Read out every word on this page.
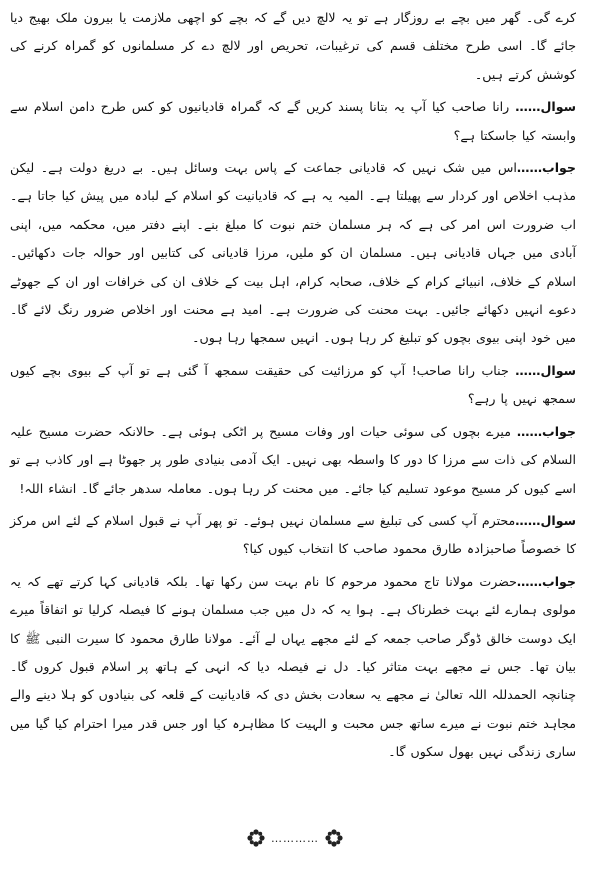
کرے گی۔ گھر میں بچے بے روزگار ہے تو یہ لالچ دیں گے کہ بچے کو اچھی ملازمت یا بیرون ملک بھیج دیا جائے گا۔ اسی طرح مختلف قسم کی ترغیبات، تحریص اور لالچ دے کر مسلمانوں کو گمراہ کرنے کی کوشش کرتے ہیں۔

سوال…… رانا صاحب کیا آپ یہ بتانا پسند کریں گے کہ گمراہ قادیانیوں کو کس طرح دامن اسلام سے وابستہ کیا جاسکتا ہے؟

جواب……اس میں شک نہیں کہ قادیانی جماعت کے پاس بہت وسائل ہیں۔ بے دریغ دولت ہے۔ لیکن مذہب اخلاص اور کردار سے پھیلتا ہے۔ المیہ یہ ہے کہ قادیانیت کو اسلام کے لبادہ میں پیش کیا جاتا ہے۔ اب ضرورت اس امر کی ہے کہ ہر مسلمان ختم نبوت کا مبلغ بنے۔ اپنے دفتر میں، محکمہ میں، اپنی آبادی میں جہاں قادیانی ہیں۔ مسلمان ان کو ملیں، مرزا قادیانی کی کتابیں اور حوالہ جات دکھائیں۔ اسلام کے خلاف، انبیائے کرام کے خلاف، صحابہ کرام، اہل بیت کے خلاف ان کی خرافات اور ان کے جھوٹے دعوے انہیں دکھائے جائیں۔ بہت محنت کی ضرورت ہے۔ امید ہے محنت اور اخلاص ضرور رنگ لائے گا۔ میں خود اپنی بیوی بچوں کو تبلیغ کر رہا ہوں۔ انہیں سمجھا رہا ہوں۔

سوال…… جناب رانا صاحب! آپ کو مرزائیت کی حقیقت سمجھ آ گئی ہے تو آپ کے بیوی بچے کیوں سمجھ نہیں پا رہے؟

جواب…… میرے بچوں کی سوئی حیات اور وفات مسیح پر اٹکی ہوئی ہے۔ حالانکہ حضرت مسیح علیہ السلام کی ذات سے مرزا کا دور کا واسطہ بھی نہیں۔ ایک آدمی بنیادی طور پر جھوٹا ہے اور کاذب ہے تو اسے کیوں کر مسیح موعود تسلیم کیا جائے۔ میں محنت کر رہا ہوں۔ معاملہ سدھر جائے گا۔ انشاء اللہ!

سوال……محترم آپ کسی کی تبلیغ سے مسلمان نہیں ہوئے۔ تو پھر آپ نے قبول اسلام کے لئے اس مرکز کا خصوصاً صاحبزادہ طارق محمود صاحب کا انتخاب کیوں کیا؟

جواب……حضرت مولانا تاج محمود مرحوم کا نام بہت سن رکھا تھا۔ بلکہ قادیانی کہا کرتے تھے کہ یہ مولوی ہمارے لئے بہت خطرناک ہے۔ ہوا یہ کہ دل میں جب مسلمان ہونے کا فیصلہ کرلیا تو اتفاقاً میرے ایک دوست خالق ڈوگر صاحب جمعہ کے لئے مجھے یہاں لے آئے۔ مولانا طارق محمود کا سیرت النبی ﷺ کا بیان تھا۔ جس نے مجھے بہت متاثر کیا۔ دل نے فیصلہ دیا کہ انہی کے ہاتھ پر اسلام قبول کروں گا۔ چنانچہ الحمدللہ اللہ تعالیٰ نے مجھے یہ سعادت بخش دی کہ قادیانیت کے قلعہ کی بنیادوں کو ہلا دینے والے مجاہد ختم نبوت نے میرے ساتھ جس محبت و الہیت کا مظاہرہ کیا اور جس قدر میرا احترام کیا گیا میں ساری زندگی نہیں بھول سکوں گا۔

…………
